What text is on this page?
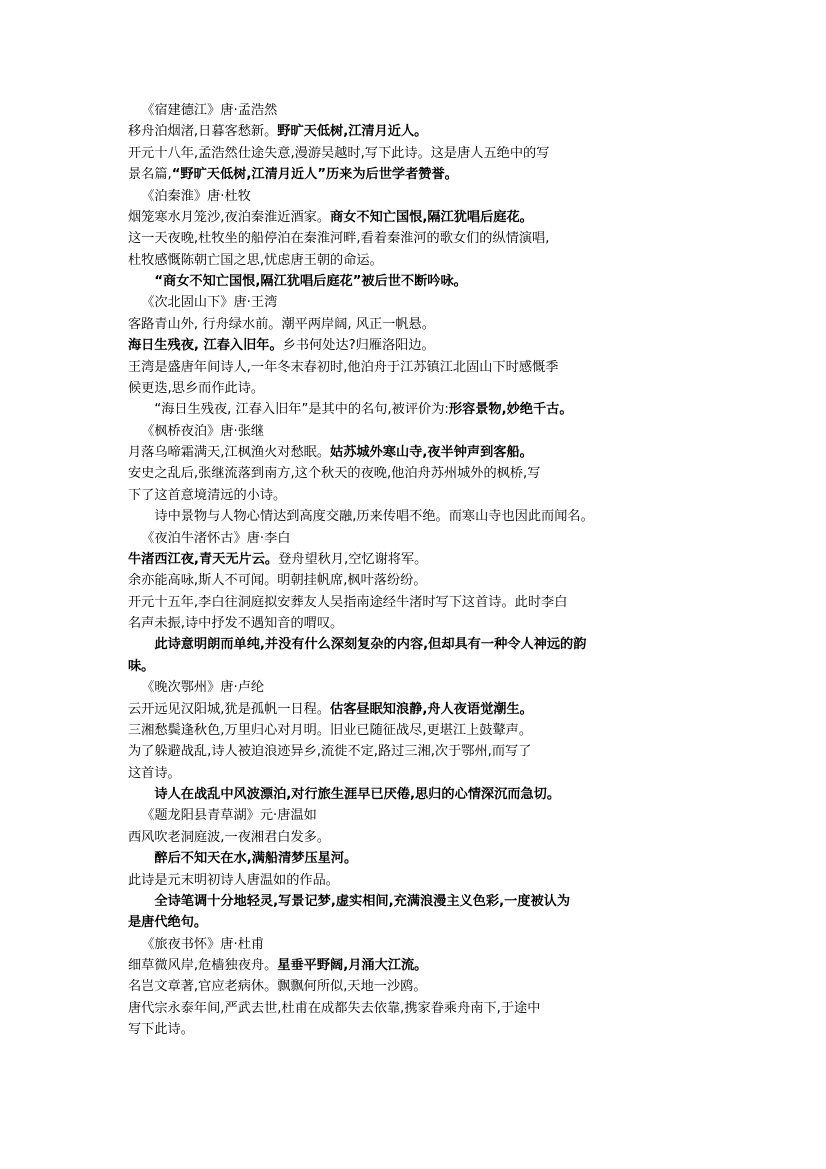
《宿建德江》唐·孟浩然

移舟泊烟渚,日暮客愁新。野旷天低树,江清月近人。

开元十八年,孟浩然仕途失意,漫游吴越时,写下此诗。这是唐人五绝中的写

景名篇,“野旷天低树,江清月近人”历来为后世学者赞誉。

《泊秦淮》唐·杜牧

烟笼寒水月笼沙,夜泊秦淮近酒家。商女不知亡国恨,隔江犹唱后庭花。

这一天夜晚,杜牧坐的船停泊在秦淮河畔,看着秦淮河的歌女们的纵情演唱,

杜牧感慨陈朝亡国之思,忧虑唐王朝的命运。

“商女不知亡国恨,隔江犹唱后庭花”被后世不断吟咏。

《次北固山下》唐·王湾

客路青山外, 行舟绿水前。潮平两岸阔, 风正一帆悬。

海日生残夜, 江春入旧年。乡书何处达?归雁洛阳边。

王湾是盛唐年间诗人,一年冬末春初时,他泊舟于江苏镇江北固山下时感慨季

候更迭,思乡而作此诗。

“海日生残夜, 江春入旧年”是其中的名句,被评价为:形容景物,妙绝千古。

《枫桥夜泊》唐·张继

月落乌啼霜满天,江枫渔火对愁眠。姑苏城外寒山寺,夜半钟声到客船。

安史之乱后,张继流落到南方,这个秋天的夜晚,他泊舟苏州城外的枫桥,写

下了这首意境清远的小诗。

诗中景物与人物心情达到高度交融,历来传唱不绝。而寒山寺也因此而闻名。

《夜泊牛渚怀古》唐·李白

牛渚西江夜,青天无片云。登舟望秋月,空忆谢将军。

余亦能高咏,斯人不可闻。明朝挂帆席,枫叶落纷纷。

开元十五年,李白往洞庭拟安葬友人吴指南途经牛渚时写下这首诗。此时李白

名声未振,诗中抒发不遇知音的喟叹。

此诗意明朗而单纯,并没有什么深刻复杂的内容,但却具有一种令人神远的韵

味。

《晚次鄂州》唐·卢纶

云开远见汉阳城,犹是孤帆一日程。估客昼眠知浪静,舟人夜语觉潮生。

三湘愁鬓逢秋色,万里归心对月明。旧业已随征战尽,更堪江上鼓鼙声。

为了躲避战乱,诗人被迫浪迹异乡,流徙不定,路过三湘,次于鄂州,而写了

这首诗。

诗人在战乱中风波漂泊,对行旅生涯早已厌倦,思归的心情深沉而急切。

《题龙阳县青草湖》元·唐温如

西风吹老洞庭波,一夜湘君白发多。

醉后不知天在水,满船清梦压星河。

此诗是元末明初诗人唐温如的作品。

全诗笔调十分地轻灵,写景记梦,虚实相间,充满浪漫主义色彩,一度被认为

是唐代绝句。

《旅夜书怀》唐·杜甫

细草微风岸,危樯独夜舟。星垂平野阔,月涌大江流。

名岂文章著,官应老病休。飘飘何所似,天地一沙鸥。

唐代宗永泰年间,严武去世,杜甫在成都失去依靠,携家眷乘舟南下,于途中

写下此诗。
